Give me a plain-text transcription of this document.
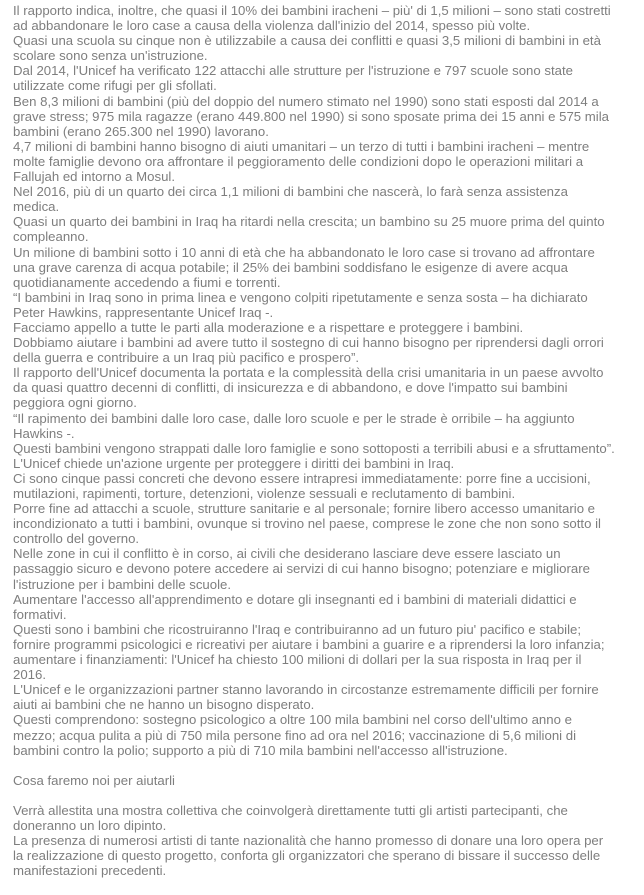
Il rapporto indica, inoltre, che quasi il 10% dei bambini iracheni – più' di 1,5 milioni – sono stati costretti ad abbandonare le loro case a causa della violenza dall'inizio del 2014, spesso più volte.

Quasi una scuola su cinque non è utilizzabile a causa dei conflitti e quasi 3,5 milioni di bambini in età scolare sono senza un'istruzione.

Dal 2014, l'Unicef ha verificato 122 attacchi alle strutture per l'istruzione e 797 scuole sono state utilizzate come rifugi per gli sfollati.

Ben 8,3 milioni di bambini (più del doppio del numero stimato nel 1990) sono stati esposti dal 2014 a grave stress; 975 mila ragazze (erano 449.800 nel 1990) si sono sposate prima dei 15 anni e 575 mila bambini (erano 265.300 nel 1990) lavorano.

4,7 milioni di bambini hanno bisogno di aiuti umanitari – un terzo di tutti i bambini iracheni – mentre molte famiglie devono ora affrontare il peggioramento delle condizioni dopo le operazioni militari a Fallujah ed intorno a Mosul.

Nel 2016, più di un quarto dei circa 1,1 milioni di bambini che nascerà, lo farà senza assistenza medica.

Quasi un quarto dei bambini in Iraq ha ritardi nella crescita; un bambino su 25 muore prima del quinto compleanno.

Un milione di bambini sotto i 10 anni di età che ha abbandonato le loro case si trovano ad affrontare una grave carenza di acqua potabile; il 25% dei bambini soddisfano le esigenze di avere acqua quotidianamente accedendo a fiumi e torrenti.

“I bambini in Iraq sono in prima linea e vengono colpiti ripetutamente e senza sosta – ha dichiarato Peter Hawkins, rappresentante Unicef Iraq -.

Facciamo appello a tutte le parti alla moderazione e a rispettare e proteggere i bambini.

Dobbiamo aiutare i bambini ad avere tutto il sostegno di cui hanno bisogno per riprendersi dagli orrori della guerra e contribuire a un Iraq più pacifico e prospero”.

Il rapporto dell'Unicef documenta la portata e la complessità della crisi umanitaria in un paese avvolto da quasi quattro decenni di conflitti, di insicurezza e di abbandono, e dove l'impatto sui bambini peggiora ogni giorno.

“Il rapimento dei bambini dalle loro case, dalle loro scuole e per le strade è orribile – ha aggiunto Hawkins -.

Questi bambini vengono strappati dalle loro famiglie e sono sottoposti a terribili abusi e a sfruttamento”.

L'Unicef chiede un'azione urgente per proteggere i diritti dei bambini in Iraq.

Ci sono cinque passi concreti che devono essere intrapresi immediatamente: porre fine a uccisioni, mutilazioni, rapimenti, torture, detenzioni, violenze sessuali e reclutamento di bambini.

Porre fine ad attacchi a scuole, strutture sanitarie e al personale; fornire libero accesso umanitario e incondizionato a tutti i bambini, ovunque si trovino nel paese, comprese le zone che non sono sotto il controllo del governo.

Nelle zone in cui il conflitto è in corso, ai civili che desiderano lasciare deve essere lasciato un passaggio sicuro e devono potere accedere ai servizi di cui hanno bisogno; potenziare e migliorare l'istruzione per i bambini delle scuole.

Aumentare l'accesso all'apprendimento e dotare gli insegnanti ed i bambini di materiali didattici e formativi.

Questi sono i bambini che ricostruiranno l'Iraq e contribuiranno ad un futuro piu' pacifico e stabile; fornire programmi psicologici e ricreativi per aiutare i bambini a guarire e a riprendersi la loro infanzia; aumentare i finanziamenti: l'Unicef ha chiesto 100 milioni di dollari per la sua risposta in Iraq per il 2016.

L'Unicef e le organizzazioni partner stanno lavorando in circostanze estremamente difficili per fornire aiuti ai bambini che ne hanno un bisogno disperato.

Questi comprendono: sostegno psicologico a oltre 100 mila bambini nel corso dell'ultimo anno e mezzo; acqua pulita a più di 750 mila persone fino ad ora nel 2016; vaccinazione di 5,6 milioni di bambini contro la polio; supporto a più di 710 mila bambini nell'accesso all'istruzione.

Cosa faremo noi per aiutarli

Verrà allestita una mostra collettiva che coinvolgerà direttamente tutti gli artisti partecipanti, che doneranno un loro dipinto.

La presenza di numerosi artisti di tante nazionalità che hanno promesso di donare una loro opera per la realizzazione di questo progetto, conforta gli organizzatori che sperano di bissare il successo delle manifestazioni precedenti.
